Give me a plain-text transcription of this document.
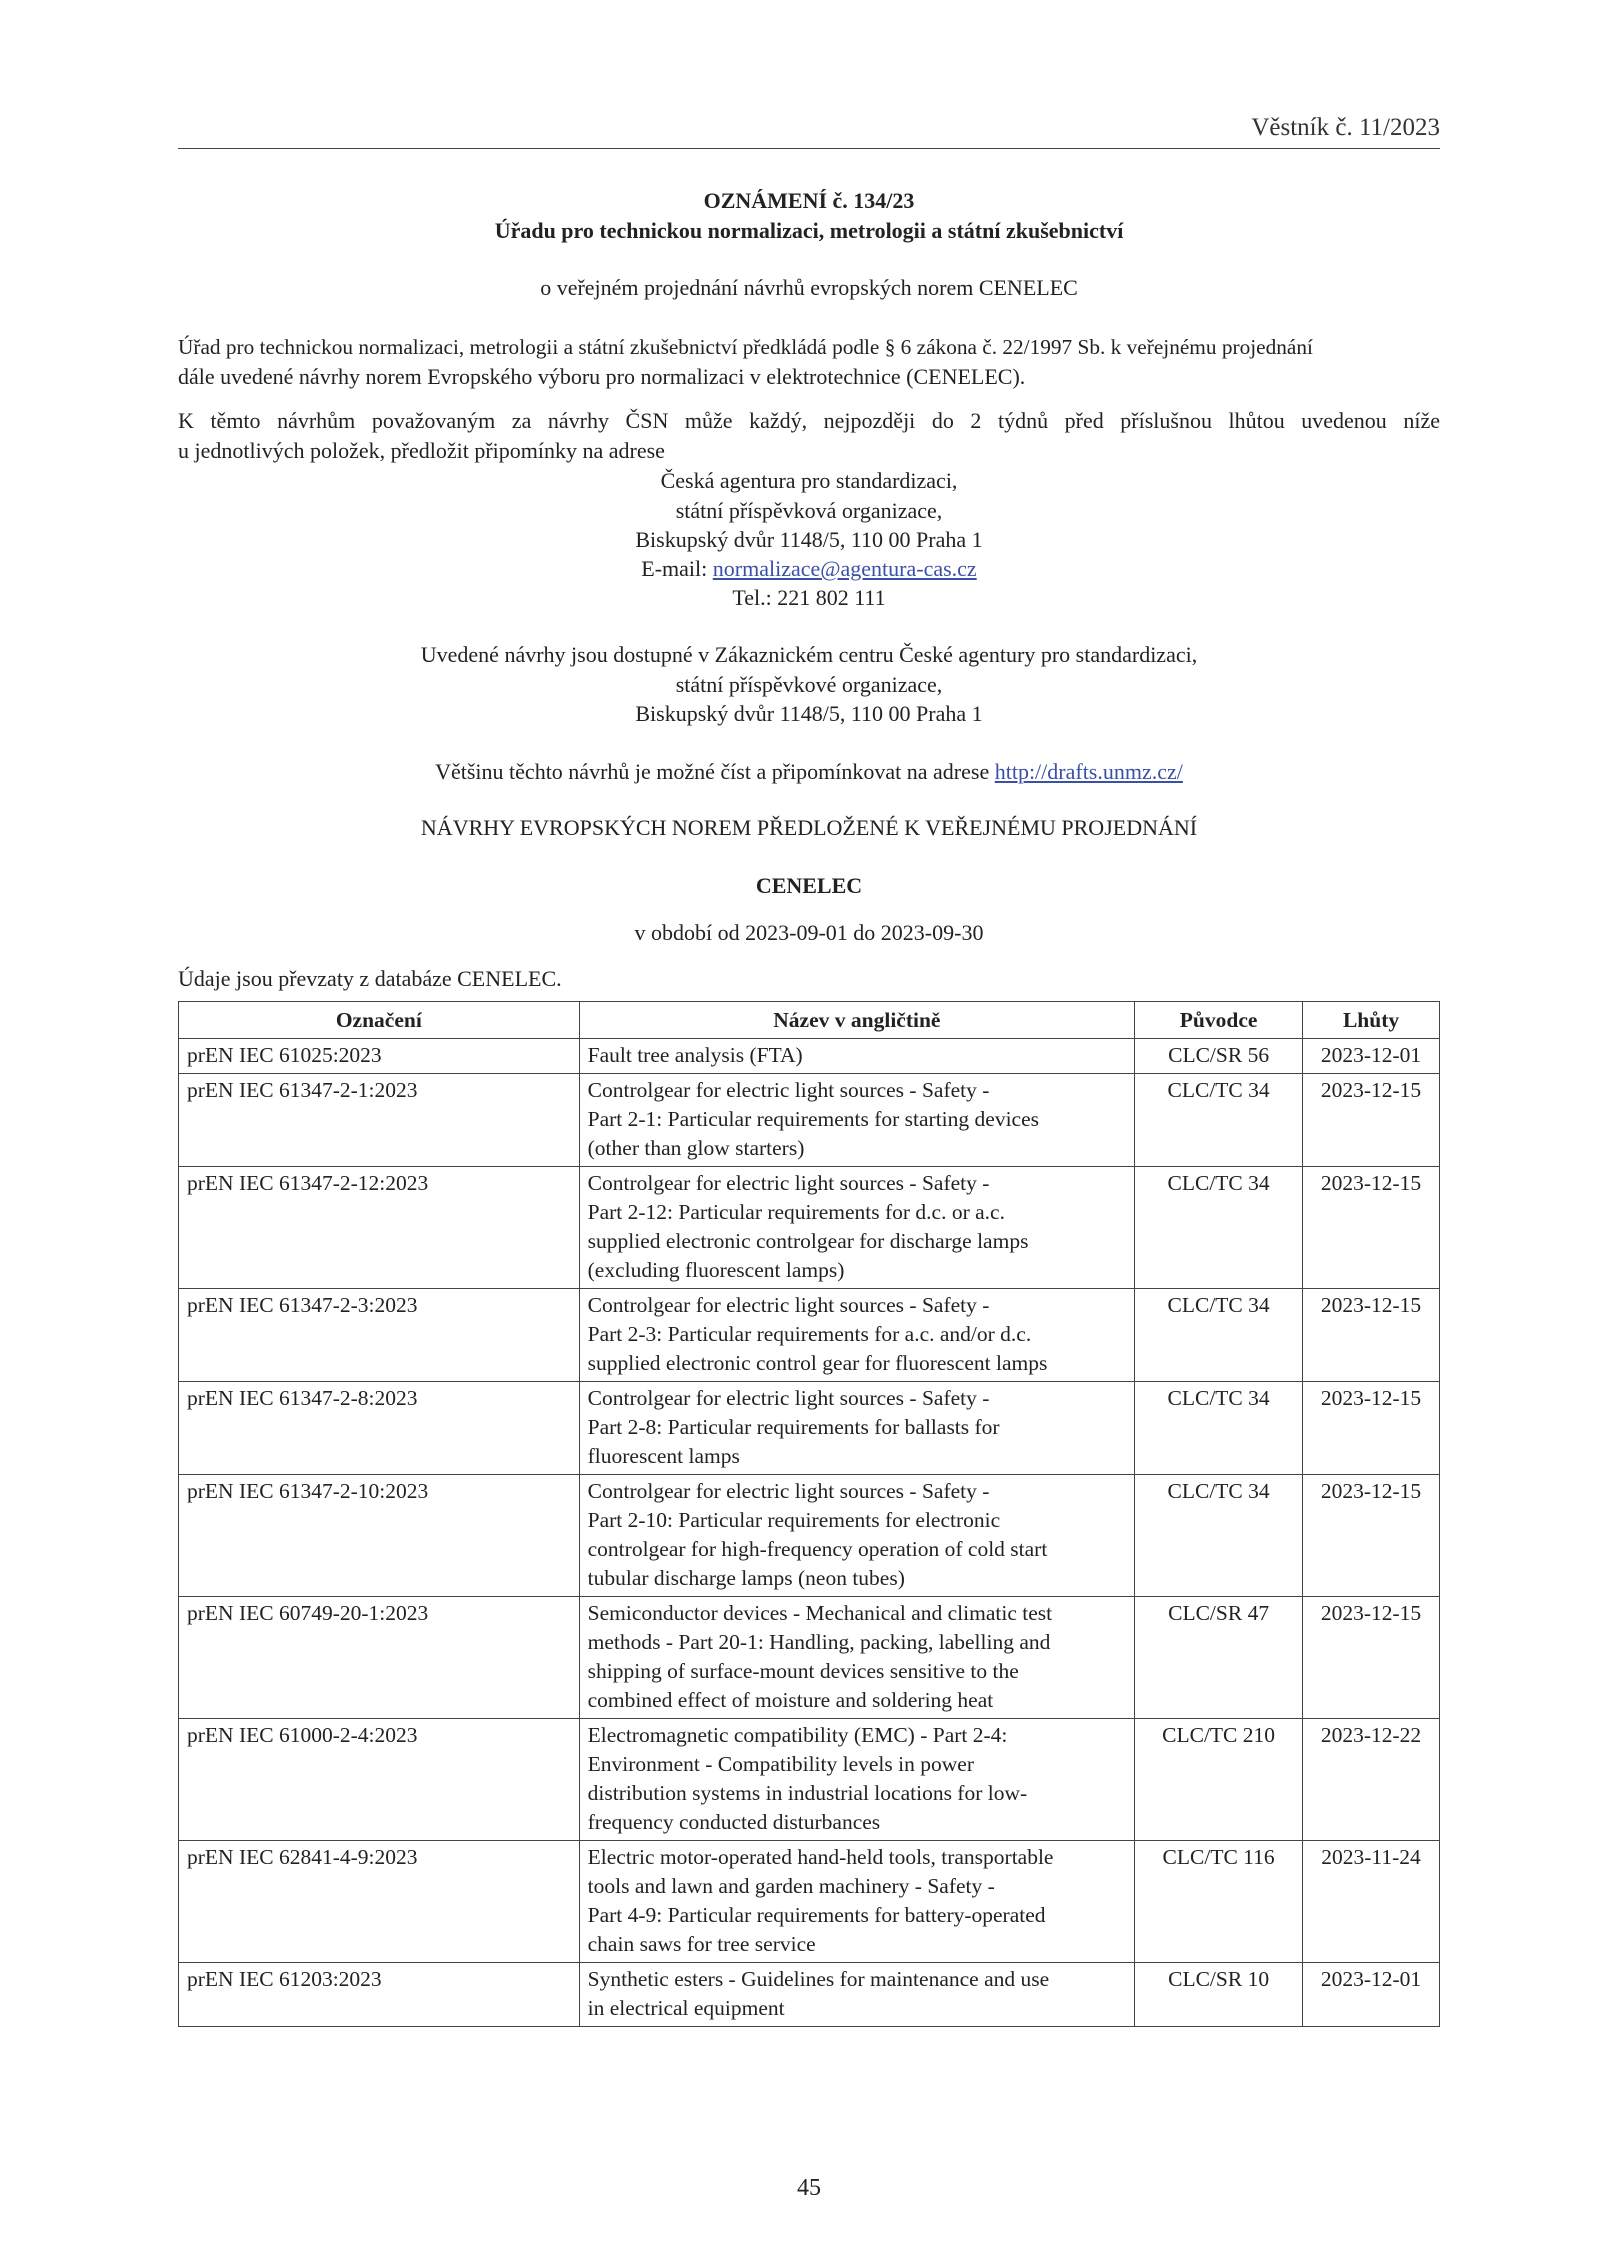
Věstník č. 11/2023
OZNÁMENÍ č. 134/23
Úřadu pro technickou normalizaci, metrologii a státní zkušebnictví
o veřejném projednání návrhů evropských norem CENELEC
Úřad pro technickou normalizaci, metrologii a státní zkušebnictví předkládá podle § 6 zákona č. 22/1997 Sb. k veřejnému projednání
dále uvedené návrhy norem Evropského výboru pro normalizaci v elektrotechnice (CENELEC).
K těmto návrhům považovaným za návrhy ČSN může každý, nejpozději do 2 týdnů před příslušnou lhůtou uvedenou níže
u jednotlivých položek, předložit připomínky na adrese
Česká agentura pro standardizaci,
státní příspěvková organizace,
Biskupský dvůr 1148/5, 110 00 Praha 1
E-mail: normalizace@agentura-cas.cz
Tel.: 221 802 111
Uvedené návrhy jsou dostupné v Zákaznickém centru České agentury pro standardizaci,
státní příspěvkové organizace,
Biskupský dvůr 1148/5, 110 00 Praha 1
Většinu těchto návrhů je možné číst a připomínkovat na adrese http://drafts.unmz.cz/
NÁVRHY EVROPSKÝCH NOREM PŘEDLOŽENÉ K VEŘEJNÉMU PROJEDNÁNÍ
CENELEC
v období od 2023-09-01 do 2023-09-30
Údaje jsou převzaty z databáze CENELEC.
Označení	Název v angličtině	Původce	Lhůty
prEN IEC 61025:2023	Fault tree analysis (FTA)	CLC/SR 56	2023-12-01
prEN IEC 61347-2-1:2023	Controlgear for electric light sources - Safety -
Part 2-1: Particular requirements for starting devices
(other than glow starters)	CLC/TC 34	2023-12-15
prEN IEC 61347-2-12:2023	Controlgear for electric light sources - Safety -
Part 2-12: Particular requirements for d.c. or a.c.
supplied electronic controlgear for discharge lamps
(excluding fluorescent lamps)	CLC/TC 34	2023-12-15
prEN IEC 61347-2-3:2023	Controlgear for electric light sources - Safety -
Part 2-3: Particular requirements for a.c. and/or d.c.
supplied electronic control gear for fluorescent lamps	CLC/TC 34	2023-12-15
prEN IEC 61347-2-8:2023	Controlgear for electric light sources - Safety -
Part 2-8: Particular requirements for ballasts for
fluorescent lamps	CLC/TC 34	2023-12-15
prEN IEC 61347-2-10:2023	Controlgear for electric light sources - Safety -
Part 2-10: Particular requirements for electronic
controlgear for high-frequency operation of cold start
tubular discharge lamps (neon tubes)	CLC/TC 34	2023-12-15
prEN IEC 60749-20-1:2023	Semiconductor devices - Mechanical and climatic test
methods - Part 20-1: Handling, packing, labelling and
shipping of surface-mount devices sensitive to the
combined effect of moisture and soldering heat	CLC/SR 47	2023-12-15
prEN IEC 61000-2-4:2023	Electromagnetic compatibility (EMC) - Part 2-4:
Environment - Compatibility levels in power
distribution systems in industrial locations for low-
frequency conducted disturbances	CLC/TC 210	2023-12-22
prEN IEC 62841-4-9:2023	Electric motor-operated hand-held tools, transportable
tools and lawn and garden machinery - Safety -
Part 4-9: Particular requirements for battery-operated
chain saws for tree service	CLC/TC 116	2023-11-24
prEN IEC 61203:2023	Synthetic esters - Guidelines for maintenance and use
in electrical equipment	CLC/SR 10	2023-12-01
45
